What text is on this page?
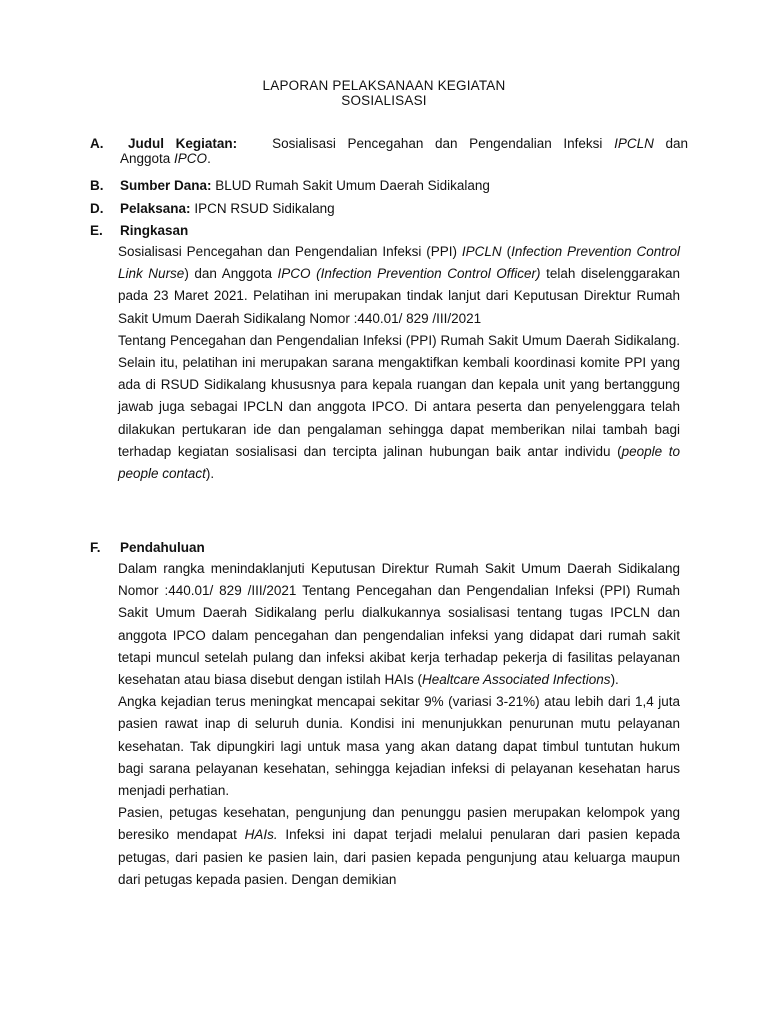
LAPORAN PELAKSANAAN KEGIATAN
SOSIALISASI
A. Judul Kegiatan:	Sosialisasi Pencegahan dan Pengendalian Infeksi IPCLN dan
Anggota IPCO.
B. Sumber Dana: BLUD Rumah Sakit Umum Daerah Sidikalang
D. Pelaksana: IPCN RSUD Sidikalang
E. Ringkasan

Sosialisasi Pencegahan dan Pengendalian Infeksi (PPI) IPCLN (Infection Prevention Control Link Nurse) dan Anggota IPCO (Infection Prevention Control Officer) telah diselenggarakan pada 23 Maret 2021. Pelatihan ini merupakan tindak lanjut dari Keputusan Direktur Rumah Sakit Umum Daerah Sidikalang Nomor :440.01/ 829 /III/2021

Tentang Pencegahan dan Pengendalian Infeksi (PPI) Rumah Sakit Umum Daerah Sidikalang. Selain itu, pelatihan ini merupakan sarana mengaktifkan kembali koordinasi komite PPI yang ada di RSUD Sidikalang khususnya para kepala ruangan dan kepala unit yang bertanggung jawab juga sebagai IPCLN dan anggota IPCO. Di antara peserta dan penyelenggara telah dilakukan pertukaran ide dan pengalaman sehingga dapat memberikan nilai tambah bagi terhadap kegiatan sosialisasi dan tercipta jalinan hubungan baik antar individu (people to people contact).

F. Pendahuluan

Dalam rangka menindaklanjuti Keputusan Direktur Rumah Sakit Umum Daerah Sidikalang Nomor :440.01/ 829 /III/2021 Tentang Pencegahan dan Pengendalian Infeksi (PPI) Rumah Sakit Umum Daerah Sidikalang perlu dialkukannya sosialisasi tentang tugas IPCLN dan anggota IPCO dalam pencegahan dan pengendalian infeksi yang didapat dari rumah sakit tetapi muncul setelah pulang dan infeksi akibat kerja terhadap pekerja di fasilitas pelayanan kesehatan atau biasa disebut dengan istilah HAIs (Healtcare Associated Infections).

Angka kejadian terus meningkat mencapai sekitar 9% (variasi 3-21%) atau lebih dari 1,4 juta pasien rawat inap di seluruh dunia. Kondisi ini menunjukkan penurunan mutu pelayanan kesehatan. Tak dipungkiri lagi untuk masa yang akan datang dapat timbul tuntutan hukum bagi sarana pelayanan kesehatan, sehingga kejadian infeksi di pelayanan kesehatan harus menjadi perhatian.

Pasien, petugas kesehatan, pengunjung dan penunggu pasien merupakan kelompok yang beresiko mendapat HAIs. Infeksi ini dapat terjadi melalui penularan dari pasien kepada petugas, dari pasien ke pasien lain, dari pasien kepada pengunjung atau keluarga maupun dari petugas kepada pasien. Dengan demikian
